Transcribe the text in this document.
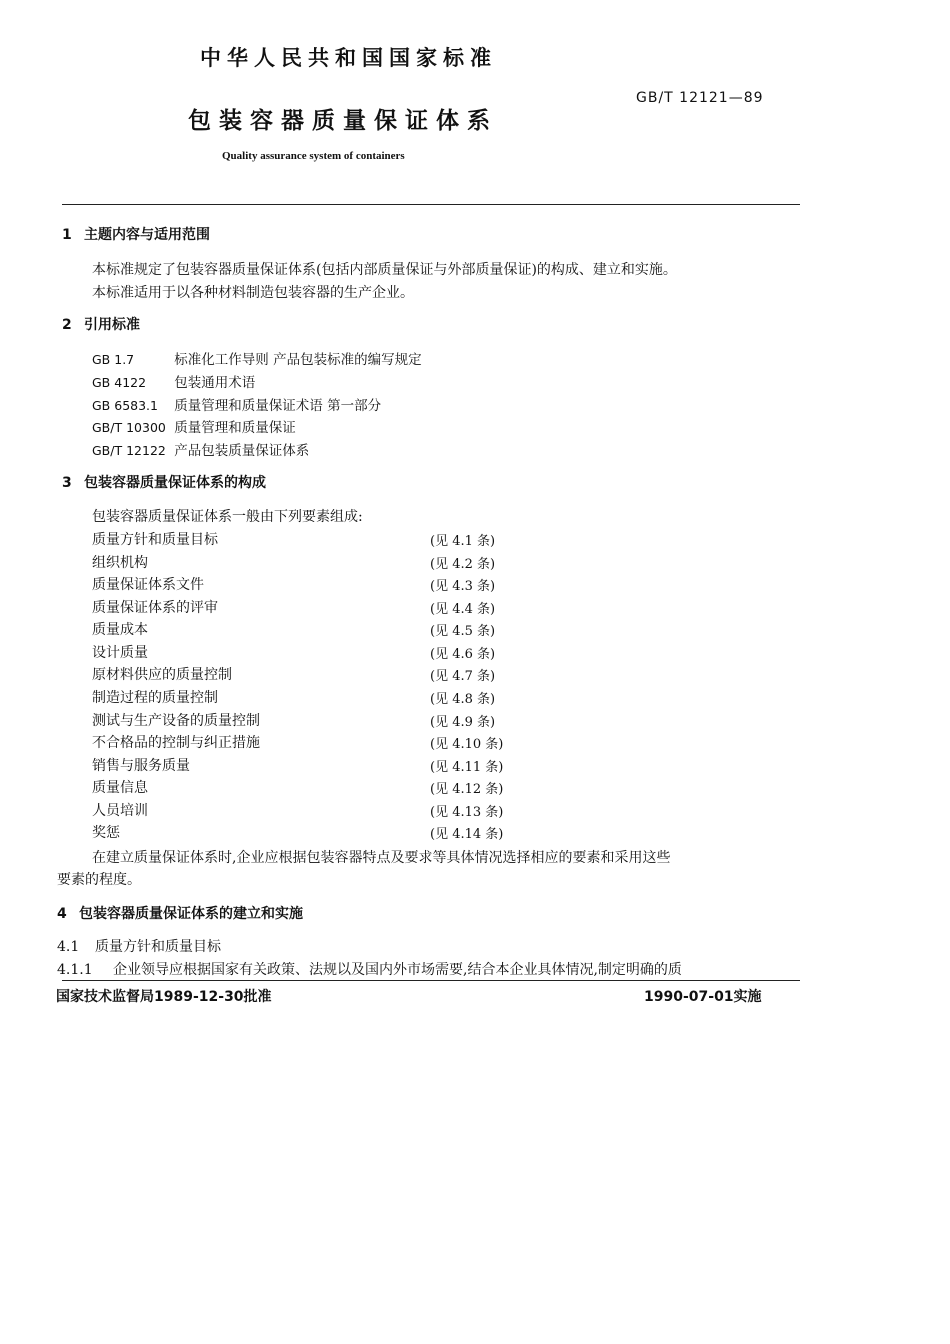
中华人民共和国国家标准
GB/T 12121—89
包装容器质量保证体系
Quality assurance system of containers
1 主题内容与适用范围
本标准规定了包装容器质量保证体系(包括内部质量保证与外部质量保证)的构成、建立和实施。
本标准适用于以各种材料制造包装容器的生产企业。
2 引用标准
GB 1.7	标准化工作导则 产品包装标准的编写规定
GB 4122 包装通用术语
GB 6583.1 质量管理和质量保证术语 第一部分
GB/T 10300 质量管理和质量保证
GB/T 12122 产品包装质量保证体系
3 包装容器质量保证体系的构成
包装容器质量保证体系一般由下列要素组成:
质量方针和质量目标	(见 4.1 条)
组织机构	(见 4.2 条)
质量保证体系文件	(见 4.3 条)
质量保证体系的评审	(见 4.4 条)
质量成本	(见 4.5 条)
设计质量	(见 4.6 条)
原材料供应的质量控制	(见 4.7 条)
制造过程的质量控制	(见 4.8 条)
测试与生产设备的质量控制	(见 4.9 条)
不合格品的控制与纠正措施	(见 4.10 条)
销售与服务质量	(见 4.11 条)
质量信息	(见 4.12 条)
人员培训	(见 4.13 条)
奖惩	(见 4.14 条)
在建立质量保证体系时,企业应根据包装容器特点及要求等具体情况选择相应的要素和采用这些
要素的程度。
4 包装容器质量保证体系的建立和实施
4.1 质量方针和质量目标
4.1.1 企业领导应根据国家有关政策、法规以及国内外市场需要,结合本企业具体情况,制定明确的质
国家技术监督局1989-12-30批准	1990-07-01实施
